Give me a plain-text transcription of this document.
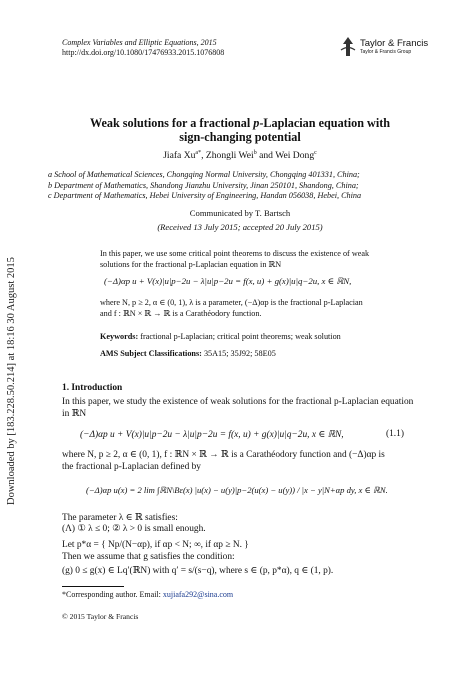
Downloaded by [183.228.50.214] at 18:16 30 August 2015
Complex Variables and Elliptic Equations, 2015
http://dx.doi.org/10.1080/17476933.2015.1076808
Taylor & Francis
Taylor & Francis Group
Weak solutions for a fractional p-Laplacian equation with
sign-changing potential
Jiafa $Xu^{a*}$, Zhongli Wei$^b$ and Wei Dong$^c$
a School of Mathematical Sciences, Chongqing Normal University, Chongqing 401331, China;
b Department of Mathematics, Shandong Jianzhu University, Jinan 250101, Shandong, China;
c Department of Mathematics, Hebei University of Engineering, Handan 056038, Hebei, China
Communicated by T. Bartsch
(Received 13 July 2015; accepted 20 July 2015)
In this paper, we use some critical point theorems to discuss the existence of weak solutions for the fractional p-Laplacian equation in ℝN
(−Δ)αp u + V(x)|u|p−2u − λ|u|p−2u = f(x, u) + g(x)|u|q−2u, x ∈ ℝN,
where N, p ≥ 2, α ∈ (0, 1), λ is a parameter, (−Δ)αp is the fractional p-Laplacian
and f : ℝN × ℝ → ℝ is a Carathéodory function.
Keywords: fractional p-Laplacian; critical point theorems; weak solution
AMS Subject Classifications: 35A15; 35J92; 58E05
1. Introduction
In this paper, we study the existence of weak solutions for the fractional p-Laplacian equation
in ℝN
(−Δ)αp u + V(x)|u|p−2u − λ|u|p−2u = f(x, u) + g(x)|u|q−2u, x ∈ ℝN,	(1.1)
where N, p ≥ 2, α ∈ (0, 1), f : ℝN × ℝ → ℝ is a Carathéodory function and (−Δ)αp is
the fractional p-Laplacian defined by
(−Δ)αp u(x) = 2 lim ∫ℝN\Bε(x) |u(x) − u(y)|p−2(u(x) − u(y)) / |x − y|N+αp dy, x ∈ ℝN.
The parameter λ ∈ ℝ satisfies:
(Λ) ① λ ≤ 0; ② λ > 0 is small enough.
Let p*α = { Np/(N−αp), if αp < N; ∞, if αp ≥ N. }
Then we assume that g satisfies the condition:
(g) 0 ≤ g(x) ∈ Lq′(ℝN) with q′ = s/(s−q), where s ∈ (p, p*α), q ∈ (1, p).
*Corresponding author. Email: xujiafa292@sina.com
© 2015 Taylor & Francis
